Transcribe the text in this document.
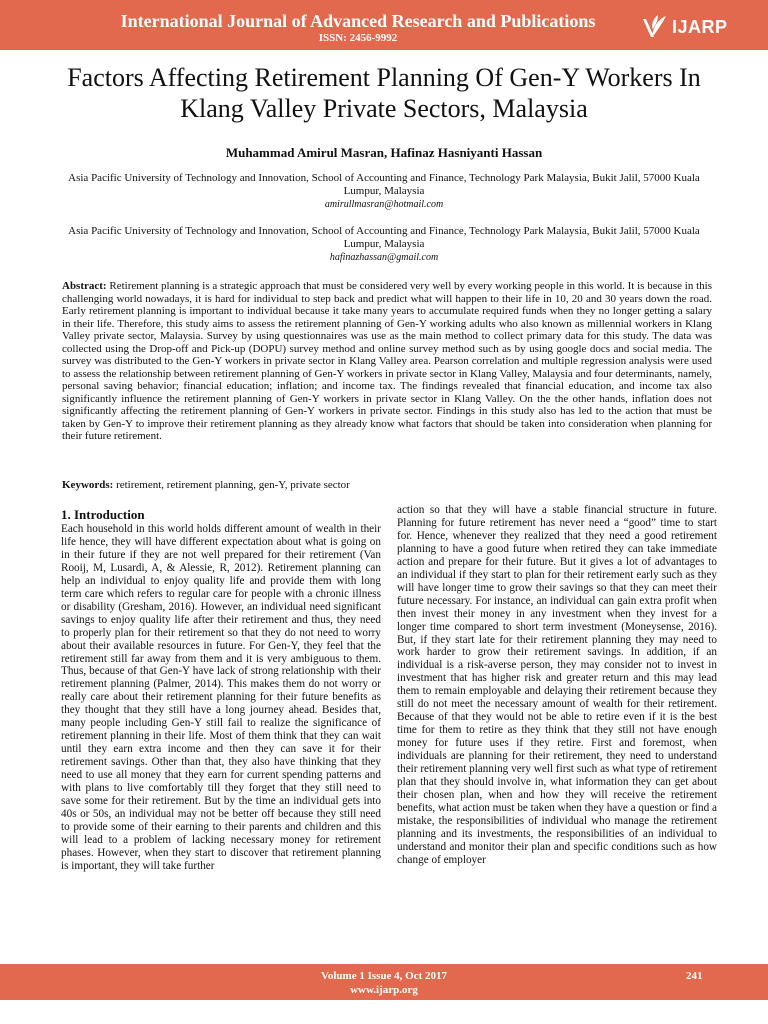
International Journal of Advanced Research and Publications
ISSN: 2456-9992
IJARP
Factors Affecting Retirement Planning Of Gen-Y Workers In Klang Valley Private Sectors, Malaysia
Muhammad Amirul Masran, Hafinaz Hasniyanti Hassan
Asia Pacific University of Technology and Innovation, School of Accounting and Finance, Technology Park Malaysia, Bukit Jalil, 57000 Kuala Lumpur, Malaysia
amirullmasran@hotmail.com
Asia Pacific University of Technology and Innovation, School of Accounting and Finance, Technology Park Malaysia, Bukit Jalil, 57000 Kuala Lumpur, Malaysia
hafinazhassan@gmail.com

Abstract: Retirement planning is a strategic approach that must be considered very well by every working people in this world. It is because in this challenging world nowadays, it is hard for individual to step back and predict what will happen to their life in 10, 20 and 30 years down the road. Early retirement planning is important to individual because it take many years to accumulate required funds when they no longer getting a salary in their life. Therefore, this study aims to assess the retirement planning of Gen-Y working adults who also known as millennial workers in Klang Valley private sector, Malaysia. Survey by using questionnaires was use as the main method to collect primary data for this study. The data was collected using the Drop-off and Pick-up (DOPU) survey method and online survey method such as by using google docs and social media. The survey was distributed to the Gen-Y workers in private sector in Klang Valley area. Pearson correlation and multiple regression analysis were used to assess the relationship between retirement planning of Gen-Y workers in private sector in Klang Valley, Malaysia and four determinants, namely, personal saving behavior; financial education; inflation; and income tax. The findings revealed that financial education, and income tax also significantly influence the retirement planning of Gen-Y workers in private sector in Klang Valley. On the the other hands, inflation does not significantly affecting the retirement planning of Gen-Y workers in private sector. Findings in this study also has led to the action that must be taken by Gen-Y to improve their retirement planning as they already know what factors that should be taken into consideration when planning for their future retirement.

Keywords: retirement, retirement planning, gen-Y, private sector
1. Introduction

Each household in this world holds different amount of wealth in their life hence, they will have different expectation about what is going on in their future if they are not well prepared for their retirement (Van Rooij, M, Lusardi, A, & Alessie, R, 2012). Retirement planning can help an individual to enjoy quality life and provide them with long term care which refers to regular care for people with a chronic illness or disability (Gresham, 2016). However, an individual need significant savings to enjoy quality life after their retirement and thus, they need to properly plan for their retirement so that they do not need to worry about their available resources in future. For Gen-Y, they feel that the retirement still far away from them and it is very ambiguous to them. Thus, because of that Gen-Y have lack of strong relationship with their retirement planning (Palmer, 2014). This makes them do not worry or really care about their retirement planning for their future benefits as they thought that they still have a long journey ahead. Besides that, many people including Gen-Y still fail to realize the significance of retirement planning in their life. Most of them think that they can wait until they earn extra income and then they can save it for their retirement savings. Other than that, they also have thinking that they need to use all money that they earn for current spending patterns and with plans to live comfortably till they forget that they still need to save some for their retirement. But by the time an individual gets into 40s or 50s, an individual may not be better off because they still need to provide some of their earning to their parents and children and this will lead to a problem of lacking necessary money for retirement phases. However, when they start to discover that retirement planning is important, they will take further

action so that they will have a stable financial structure in future. Planning for future retirement has never need a “good” time to start for. Hence, whenever they realized that they need a good retirement planning to have a good future when retired they can take immediate action and prepare for their future. But it gives a lot of advantages to an individual if they start to plan for their retirement early such as they will have longer time to grow their savings so that they can meet their future necessary. For instance, an individual can gain extra profit when then invest their money in any investment when they invest for a longer time compared to short term investment (Moneysense, 2016). But, if they start late for their retirement planning they may need to work harder to grow their retirement savings. In addition, if an individual is a risk-averse person, they may consider not to invest in investment that has higher risk and greater return and this may lead them to remain employable and delaying their retirement because they still do not meet the necessary amount of wealth for their retirement. Because of that they would not be able to retire even if it is the best time for them to retire as they think that they still not have enough money for future uses if they retire. First and foremost, when individuals are planning for their retirement, they need to understand their retirement planning very well first such as what type of retirement plan that they should involve in, what information they can get about their chosen plan, when and how they will receive the retirement benefits, what action must be taken when they have a question or find a mistake, the responsibilities of individual who manage the retirement planning and its investments, the responsibilities of an individual to understand and monitor their plan and specific conditions such as how change of employer

Volume 1 Issue 4, Oct 2017
www.ijarp.org
241
